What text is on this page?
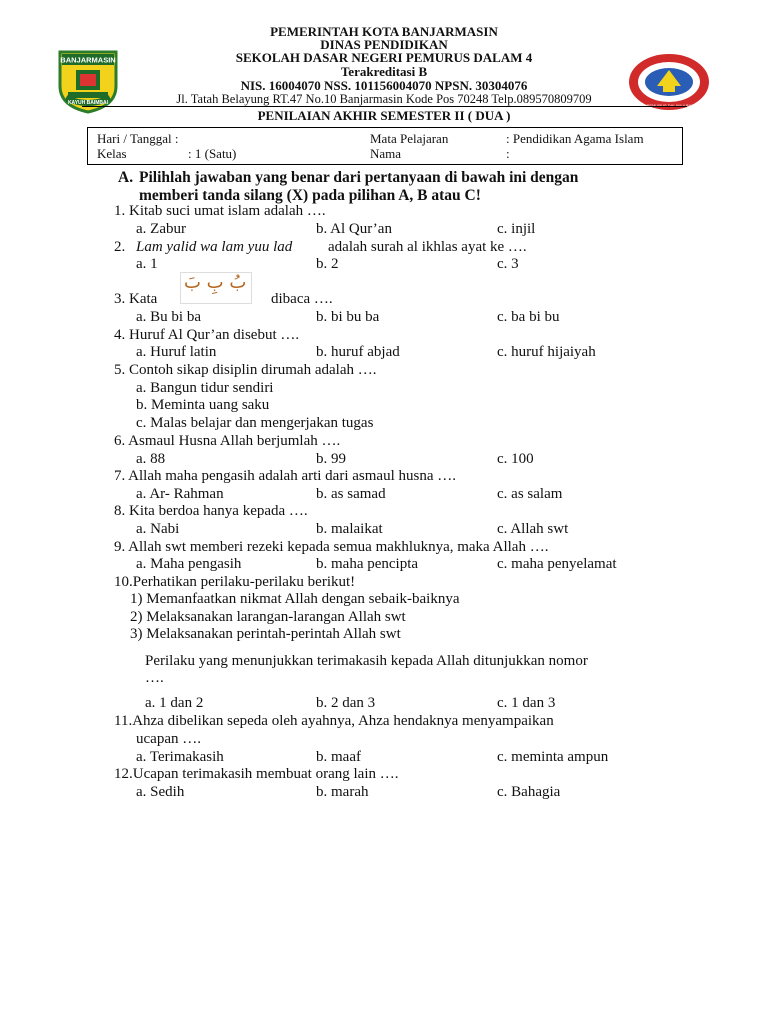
PEMERINTAH KOTA BANJARMASIN
DINAS PENDIDIKAN
SEKOLAH DASAR NEGERI PEMURUS DALAM 4
Terakreditasi B
NIS. 16004070 NSS. 101156004070 NPSN. 30304076
Jl. Tatah Belayung RT.47 No.10 Banjarmasin Kode Pos 70248 Telp.089570809709
BANJARMASIN
KAYUH BAIMBAI	SD NEGERI PEMURUS DALAM 4 BANJARMASIN
PENILAIAN AKHIR SEMESTER II ( DUA )
Hari / Tanggal :
Kelas	: 1 (Satu)
Mata Pelajaran	: Pendidikan Agama Islam
Nama	:
A. Pilihlah jawaban yang benar dari pertanyaan di bawah ini dengan
memberi tanda silang (X) pada pilihan A, B atau C!
1. Kitab suci umat islam adalah ….
a. Zabur	b. Al Qur’an	c. injil
2. Lam yalid wa lam yuu lad adalah surah al ikhlas ayat ke ….
a. 1	b. 2	c. 3
3. Kata
بُ بِ بَ
dibaca ….
a. Bu bi ba	b. bi bu ba	c. ba bi bu
4. Huruf Al Qur’an disebut ….
a. Huruf latin	b. huruf abjad	c. huruf hijaiyah
5. Contoh sikap disiplin dirumah adalah ….
a. Bangun tidur sendiri
b. Meminta uang saku
c. Malas belajar dan mengerjakan tugas
6. Asmaul Husna Allah berjumlah ….
a. 88	b. 99	c. 100
7. Allah maha pengasih adalah arti dari asmaul husna ….
a. Ar- Rahman	b. as samad	c. as salam
8. Kita berdoa hanya kepada ….
a. Nabi	b. malaikat	c. Allah swt
9. Allah swt memberi rezeki kepada semua makhluknya, maka Allah ….
a. Maha pengasih	b. maha pencipta	c. maha penyelamat
10.Perhatikan perilaku-perilaku berikut!
1) Memanfaatkan nikmat Allah dengan sebaik-baiknya
2) Melaksanakan larangan-larangan Allah swt
3) Melaksanakan perintah-perintah Allah swt
Perilaku yang menunjukkan terimakasih kepada Allah ditunjukkan nomor
….
a. 1 dan 2	b. 2 dan 3	c. 1 dan 3
11.Ahza dibelikan sepeda oleh ayahnya, Ahza hendaknya menyampaikan
ucapan ….
a. Terimakasih	b. maaf	c. meminta ampun
12.Ucapan terimakasih membuat orang lain ….
a. Sedih	b. marah	c. Bahagia
